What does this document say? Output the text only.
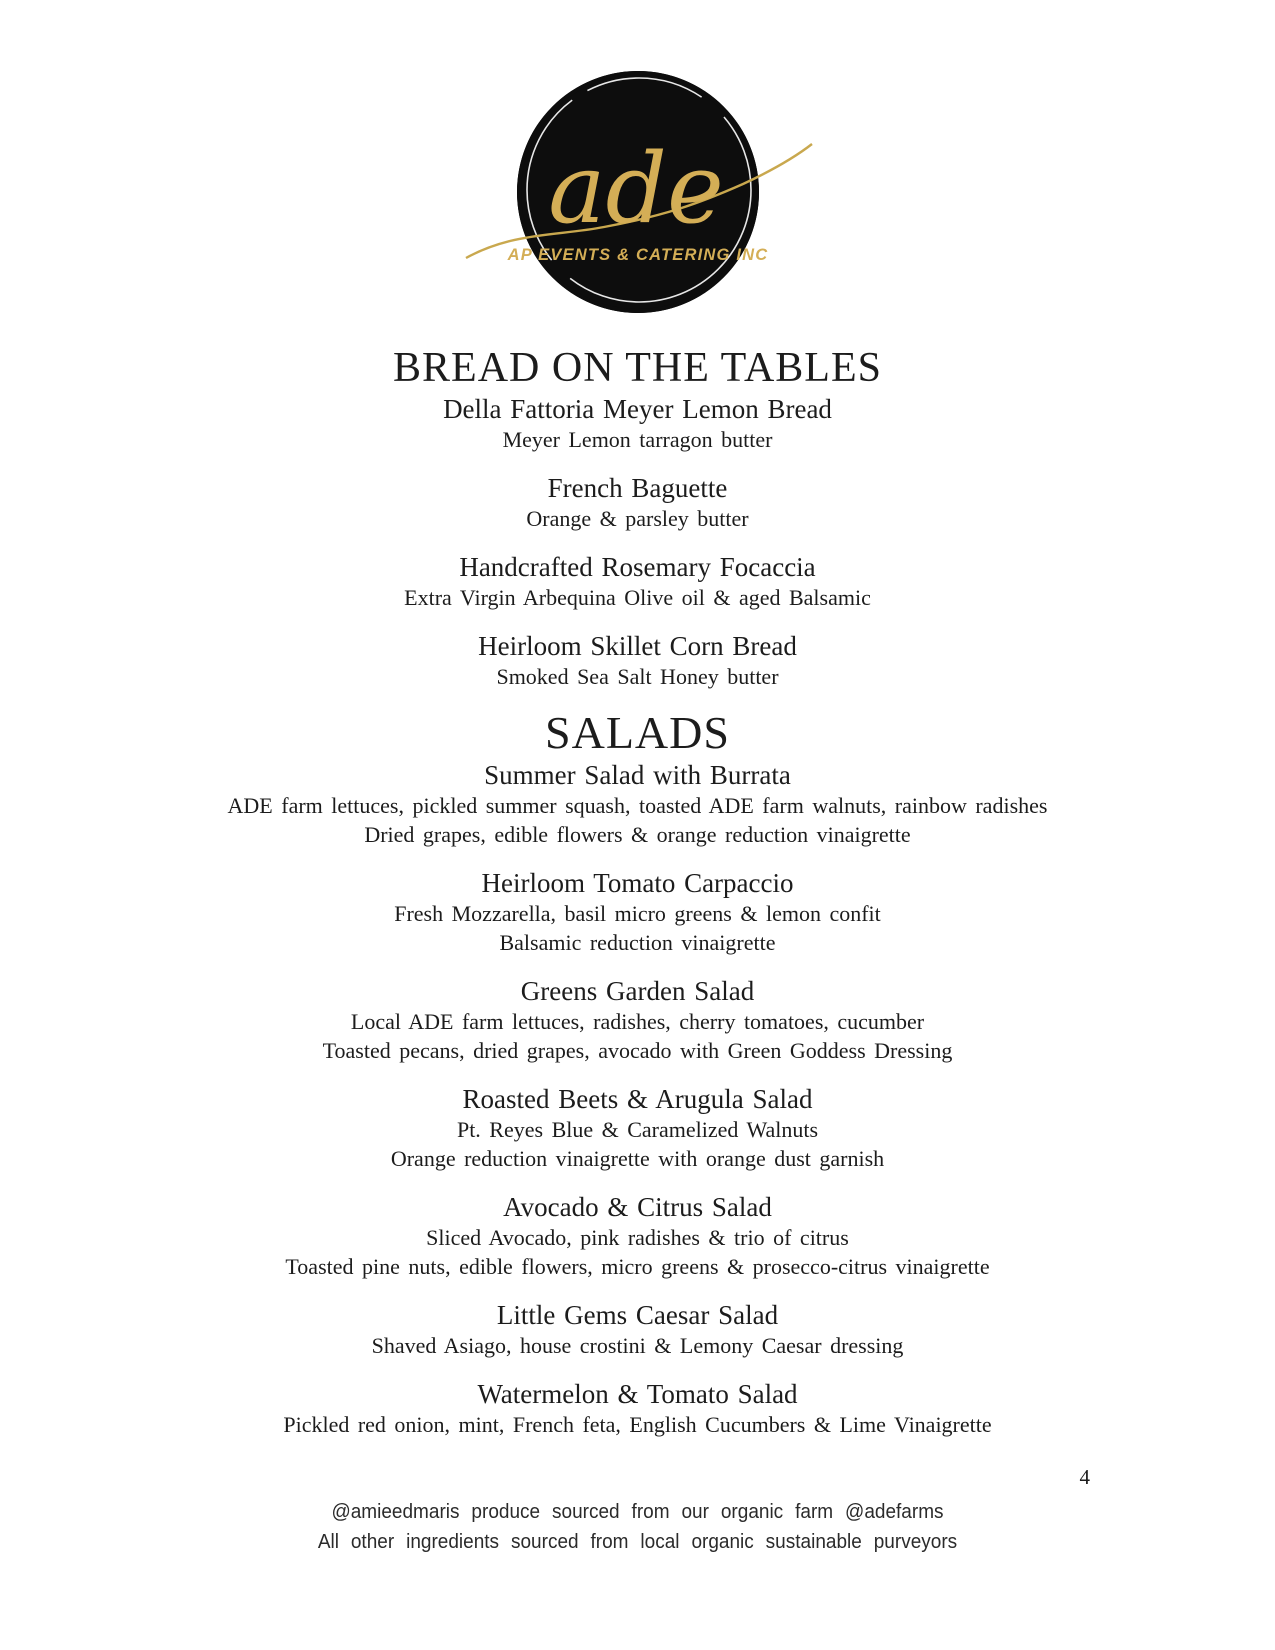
ade
AP EVENTS & CATERING INC
BREAD ON THE TABLES
Della Fattoria Meyer Lemon Bread
Meyer Lemon tarragon butter
French Baguette
Orange & parsley butter
Handcrafted Rosemary Focaccia
Extra Virgin Arbequina Olive oil & aged Balsamic
Heirloom Skillet Corn Bread
Smoked Sea Salt Honey butter
SALADS
Summer Salad with Burrata
ADE farm lettuces, pickled summer squash, toasted ADE farm walnuts, rainbow radishes
Dried grapes, edible flowers & orange reduction vinaigrette
Heirloom Tomato Carpaccio
Fresh Mozzarella, basil micro greens & lemon confit
Balsamic reduction vinaigrette
Greens Garden Salad
Local ADE farm lettuces, radishes, cherry tomatoes, cucumber
Toasted pecans, dried grapes, avocado with Green Goddess Dressing
Roasted Beets & Arugula Salad
Pt. Reyes Blue & Caramelized Walnuts
Orange reduction vinaigrette with orange dust garnish
Avocado & Citrus Salad
Sliced Avocado, pink radishes & trio of citrus
Toasted pine nuts, edible flowers, micro greens & prosecco-citrus vinaigrette
Little Gems Caesar Salad
Shaved Asiago, house crostini & Lemony Caesar dressing
Watermelon & Tomato Salad
Pickled red onion, mint, French feta, English Cucumbers & Lime Vinaigrette
4
@amieedmaris produce sourced from our organic farm @adefarms
All other ingredients sourced from local organic sustainable purveyors
